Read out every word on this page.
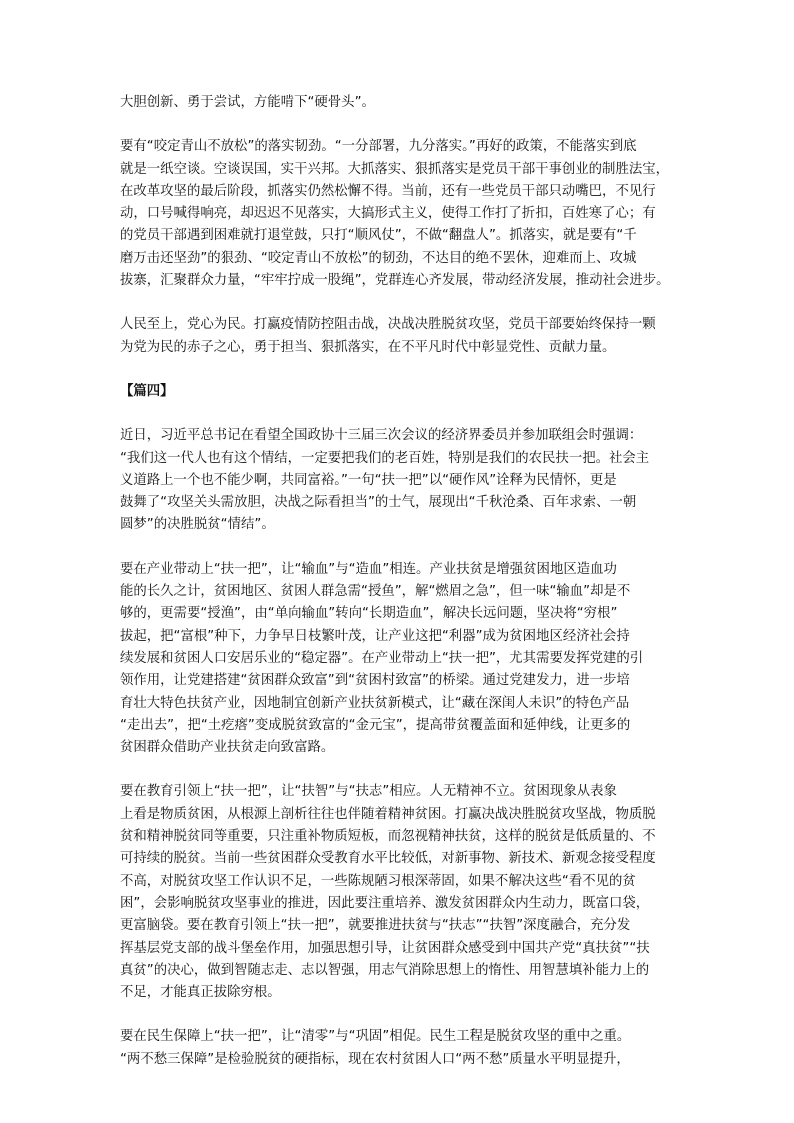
大胆创新、勇于尝试，方能啃下“硬骨头”。
要有“咬定青山不放松”的落实韧劲。“一分部署，九分落实。”再好的政策，不能落实到底
就是一纸空谈。空谈误国，实干兴邦。大抓落实、狠抓落实是党员干部干事创业的制胜法宝，
在改革攻坚的最后阶段，抓落实仍然松懈不得。当前，还有一些党员干部只动嘴巴，不见行
动，口号喊得响亮，却迟迟不见落实，大搞形式主义，使得工作打了折扣，百姓寒了心；有
的党员干部遇到困难就打退堂鼓，只打“顺风仗”，不做“翻盘人”。抓落实，就是要有“千
磨万击还坚劲”的狠劲、“咬定青山不放松”的韧劲，不达目的绝不罢休，迎难而上、攻城
拔寨，汇聚群众力量，“牢牢拧成一股绳”，党群连心齐发展，带动经济发展，推动社会进步。
人民至上，党心为民。打赢疫情防控阻击战，决战决胜脱贫攻坚，党员干部要始终保持一颗
为党为民的赤子之心，勇于担当、狠抓落实，在不平凡时代中彰显党性、贡献力量。
【篇四】
近日，习近平总书记在看望全国政协十三届三次会议的经济界委员并参加联组会时强调：
“我们这一代人也有这个情结，一定要把我们的老百姓，特别是我们的农民扶一把。社会主
义道路上一个也不能少啊，共同富裕。”一句“扶一把”以“硬作风”诠释为民情怀，更是
鼓舞了“攻坚关头需放胆，决战之际看担当”的士气，展现出“千秋沧桑、百年求索、一朝
圆梦”的决胜脱贫“情结”。
要在产业带动上“扶一把”，让“输血”与“造血”相连。产业扶贫是增强贫困地区造血功
能的长久之计，贫困地区、贫困人群急需“授鱼”，解“燃眉之急”，但一味“输血”却是不
够的，更需要“授渔”，由“单向输血”转向“长期造血”，解决长远问题，坚决将“穷根”
拔起，把“富根”种下，力争早日枝繁叶茂，让产业这把“利器”成为贫困地区经济社会持
续发展和贫困人口安居乐业的“稳定器”。在产业带动上“扶一把”，尤其需要发挥党建的引
领作用，让党建搭建“贫困群众致富”到“贫困村致富”的桥梁。通过党建发力，进一步培
育壮大特色扶贫产业，因地制宜创新产业扶贫新模式，让“藏在深闺人未识”的特色产品
“走出去”，把“土疙瘩”变成脱贫致富的“金元宝”，提高带贫覆盖面和延伸线，让更多的
贫困群众借助产业扶贫走向致富路。
要在教育引领上“扶一把”，让“扶智”与“扶志”相应。人无精神不立。贫困现象从表象
上看是物质贫困，从根源上剖析往往也伴随着精神贫困。打赢决战决胜脱贫攻坚战，物质脱
贫和精神脱贫同等重要，只注重补物质短板，而忽视精神扶贫，这样的脱贫是低质量的、不
可持续的脱贫。当前一些贫困群众受教育水平比较低，对新事物、新技术、新观念接受程度
不高，对脱贫攻坚工作认识不足，一些陈规陋习根深蒂固，如果不解决这些“看不见的贫
困”，会影响脱贫攻坚事业的推进，因此要注重培养、激发贫困群众内生动力，既富口袋，
更富脑袋。要在教育引领上“扶一把”，就要推进扶贫与“扶志”“扶智”深度融合，充分发
挥基层党支部的战斗堡垒作用，加强思想引导，让贫困群众感受到中国共产党“真扶贫”“扶
真贫”的决心，做到智随志走、志以智强，用志气消除思想上的惰性、用智慧填补能力上的
不足，才能真正拔除穷根。
要在民生保障上“扶一把”，让“清零”与“巩固”相促。民生工程是脱贫攻坚的重中之重。
“两不愁三保障”是检验脱贫的硬指标，现在农村贫困人口“两不愁”质量水平明显提升，
